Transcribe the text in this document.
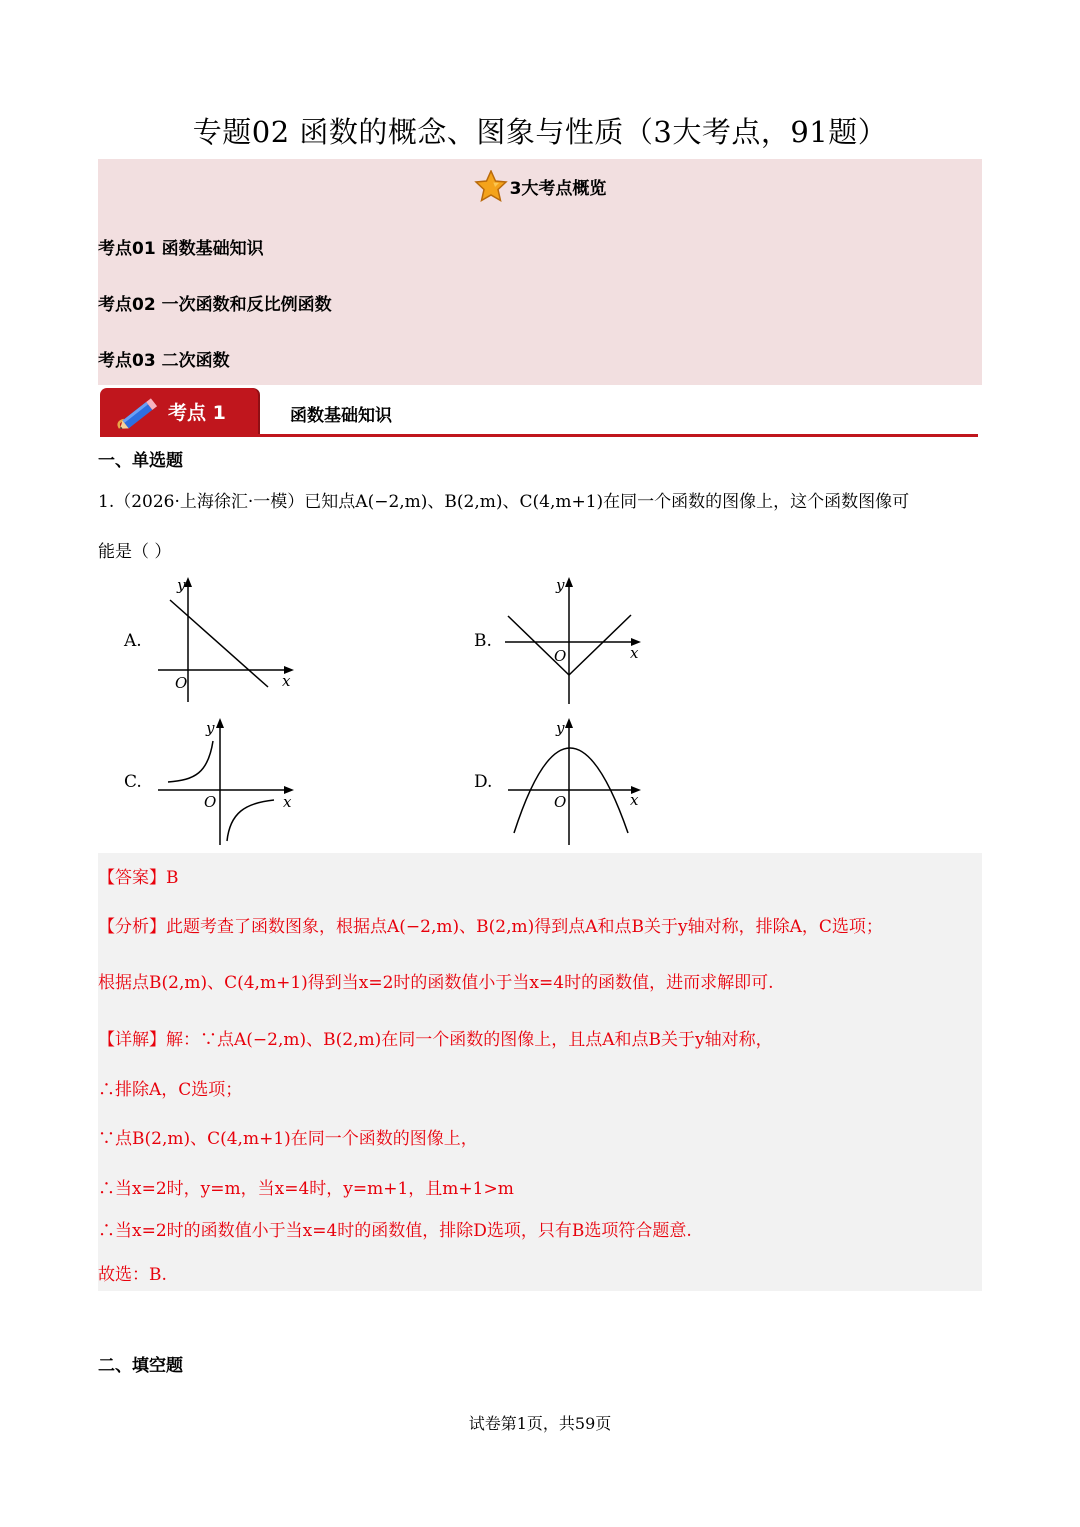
专题02 函数的概念、图象与性质（3大考点，91题）
3大考点概览
考点01 函数基础知识
考点02 一次函数和反比例函数
考点03 二次函数
考点 1	函数基础知识
一、单选题
1.（2026·上海徐汇·一模）已知点A(−2,m)、B(2,m)、C(4,m+1)在同一个函数的图像上，这个函数图像可
能是（ ）
A.
y
x
O
B.
y
x
O
C.
y
x
O
D.
y
x
O
【答案】B
【分析】此题考查了函数图象，根据点A(−2,m)、B(2,m)得到点A和点B关于y轴对称，排除A，C选项；
根据点B(2,m)、C(4,m+1)得到当x=2时的函数值小于当x=4时的函数值，进而求解即可.
【详解】解：∵点A(−2,m)、B(2,m)在同一个函数的图像上，且点A和点B关于y轴对称，
∴排除A，C选项；
∵点B(2,m)、C(4,m+1)在同一个函数的图像上，
∴当x=2时，y=m，当x=4时，y=m+1，且m+1>m
∴当x=2时的函数值小于当x=4时的函数值，排除D选项，只有B选项符合题意.
故选：B.
二、填空题
试卷第1页，共59页
